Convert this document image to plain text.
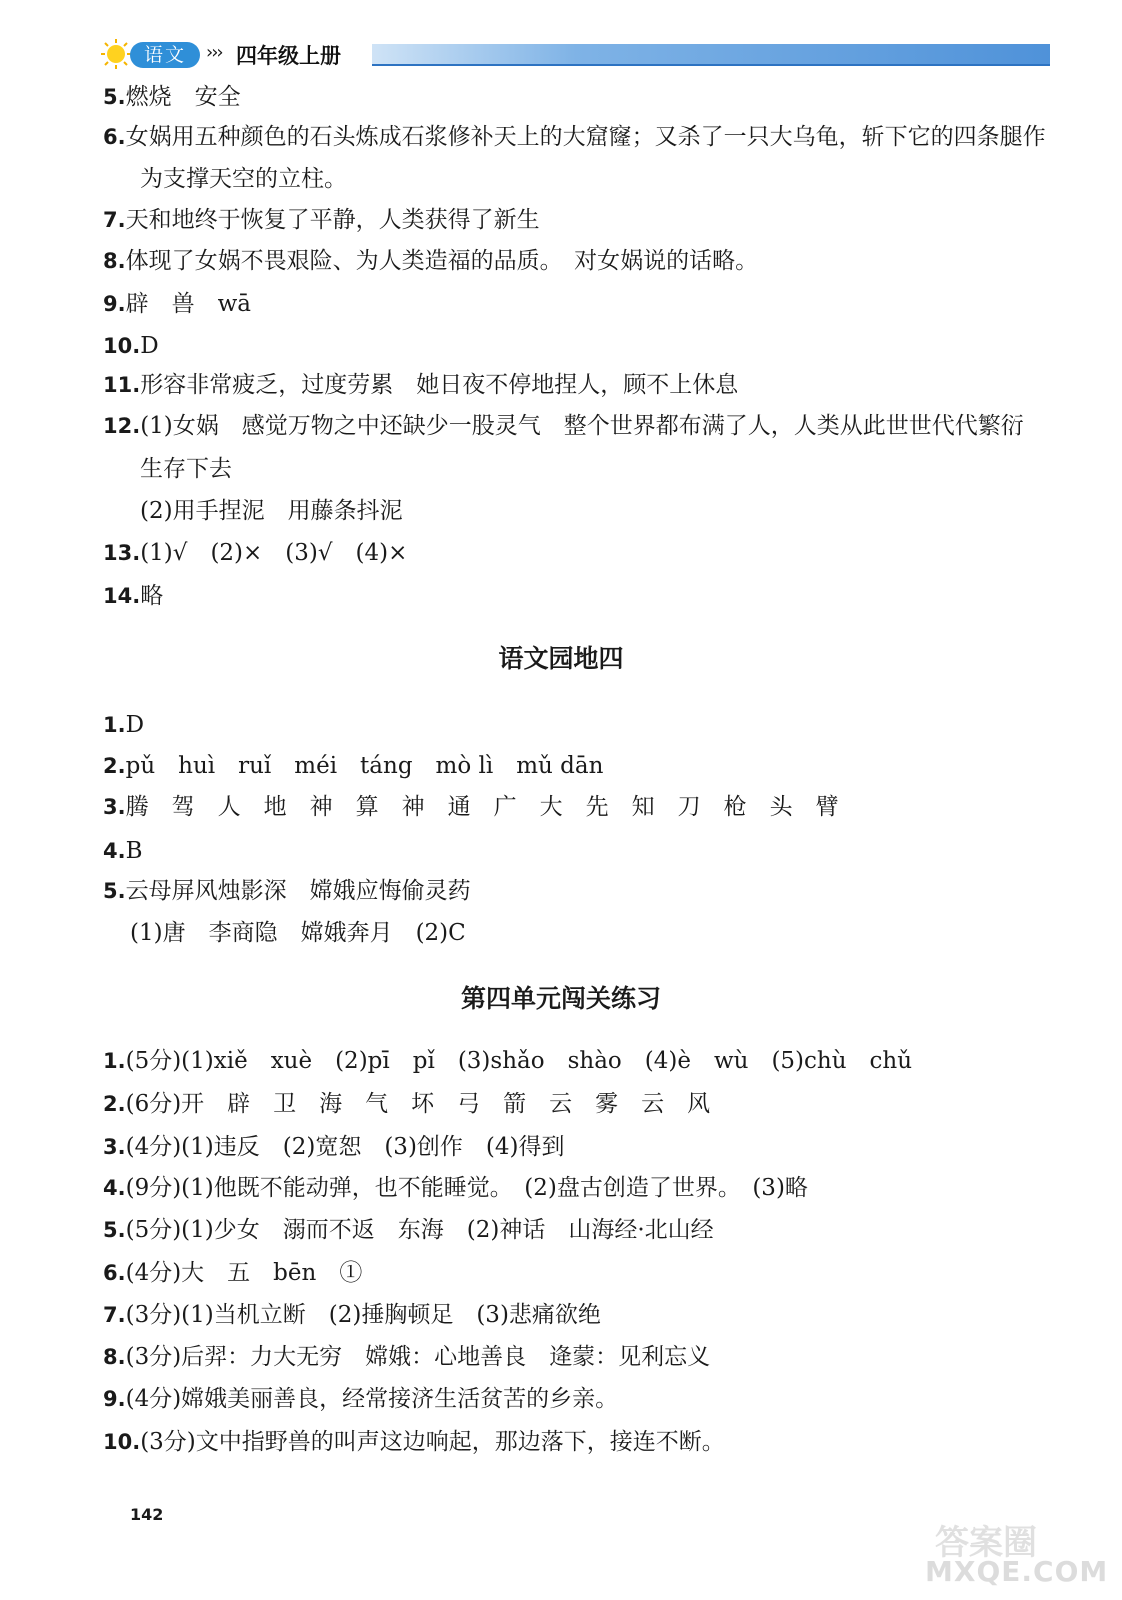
语文	››› 四年级上册
5.燃烧　安全
6.女娲用五种颜色的石头炼成石浆修补天上的大窟窿；又杀了一只大乌龟，斩下它的四条腿作
为支撑天空的立柱。
7.天和地终于恢复了平静，人类获得了新生
8.体现了女娲不畏艰险、为人类造福的品质。　对女娲说的话略。
9.辟　兽　wā
10.D
11.形容非常疲乏，过度劳累　她日夜不停地捏人，顾不上休息
12.(1)女娲　感觉万物之中还缺少一股灵气　整个世界都布满了人，人类从此世世代代繁衍
生存下去
(2)用手捏泥　用藤条抖泥
13.(1)√　(2)×　(3)√　(4)×
14.略
语文园地四
1.D
2.pǔ　huì　ruǐ　méi　táng　mò lì　mǔ dān
3.腾　驾　人　地　神　算　神　通　广　大　先　知　刀　枪　头　臂
4.B
5.云母屏风烛影深　嫦娥应悔偷灵药
(1)唐　李商隐　嫦娥奔月　(2)C
第四单元闯关练习
1.(5分)(1)xiě　xuè　(2)pī　pǐ　(3)shǎo　shào　(4)è　wù　(5)chù　chǔ
2.(6分)开　辟　卫　海　气　坏　弓　箭　云　雾　云　风
3.(4分)(1)违反　(2)宽恕　(3)创作　(4)得到
4.(9分)(1)他既不能动弹，也不能睡觉。　(2)盘古创造了世界。　(3)略
5.(5分)(1)少女　溺而不返　东海　(2)神话　山海经·北山经
6.(4分)大　五　bēn　①
7.(3分)(1)当机立断　(2)捶胸顿足　(3)悲痛欲绝
8.(3分)后羿：力大无穷　嫦娥：心地善良　逄蒙：见利忘义
9.(4分)嫦娥美丽善良，经常接济生活贫苦的乡亲。
10.(3分)文中指野兽的叫声这边响起，那边落下，接连不断。
142
答案圈
MXQE.COM
